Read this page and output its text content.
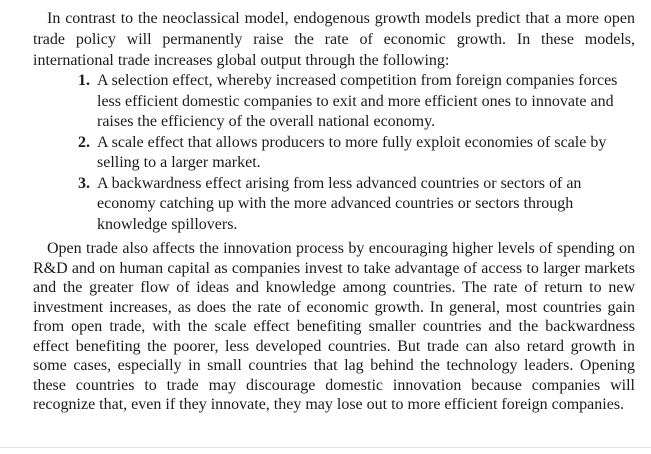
In contrast to the neoclassical model, endogenous growth models predict that a more open trade policy will permanently raise the rate of economic growth. In these models, international trade increases global output through the following:

1. A selection effect, whereby increased competition from foreign companies forces less efficient domestic companies to exit and more efficient ones to innovate and raises the efficiency of the overall national economy.
2. A scale effect that allows producers to more fully exploit economies of scale by selling to a larger market.
3. A backwardness effect arising from less advanced countries or sectors of an economy catching up with the more advanced countries or sectors through knowledge spillovers.

Open trade also affects the innovation process by encouraging higher levels of spending on R&D and on human capital as companies invest to take advantage of access to larger markets and the greater flow of ideas and knowledge among countries. The rate of return to new investment increases, as does the rate of economic growth. In general, most countries gain from open trade, with the scale effect benefiting smaller countries and the backwardness effect benefiting the poorer, less developed countries. But trade can also retard growth in some cases, especially in small countries that lag behind the technology leaders. Opening these countries to trade may discourage domestic innovation because companies will recognize that, even if they innovate, they may lose out to more efficient foreign companies.
